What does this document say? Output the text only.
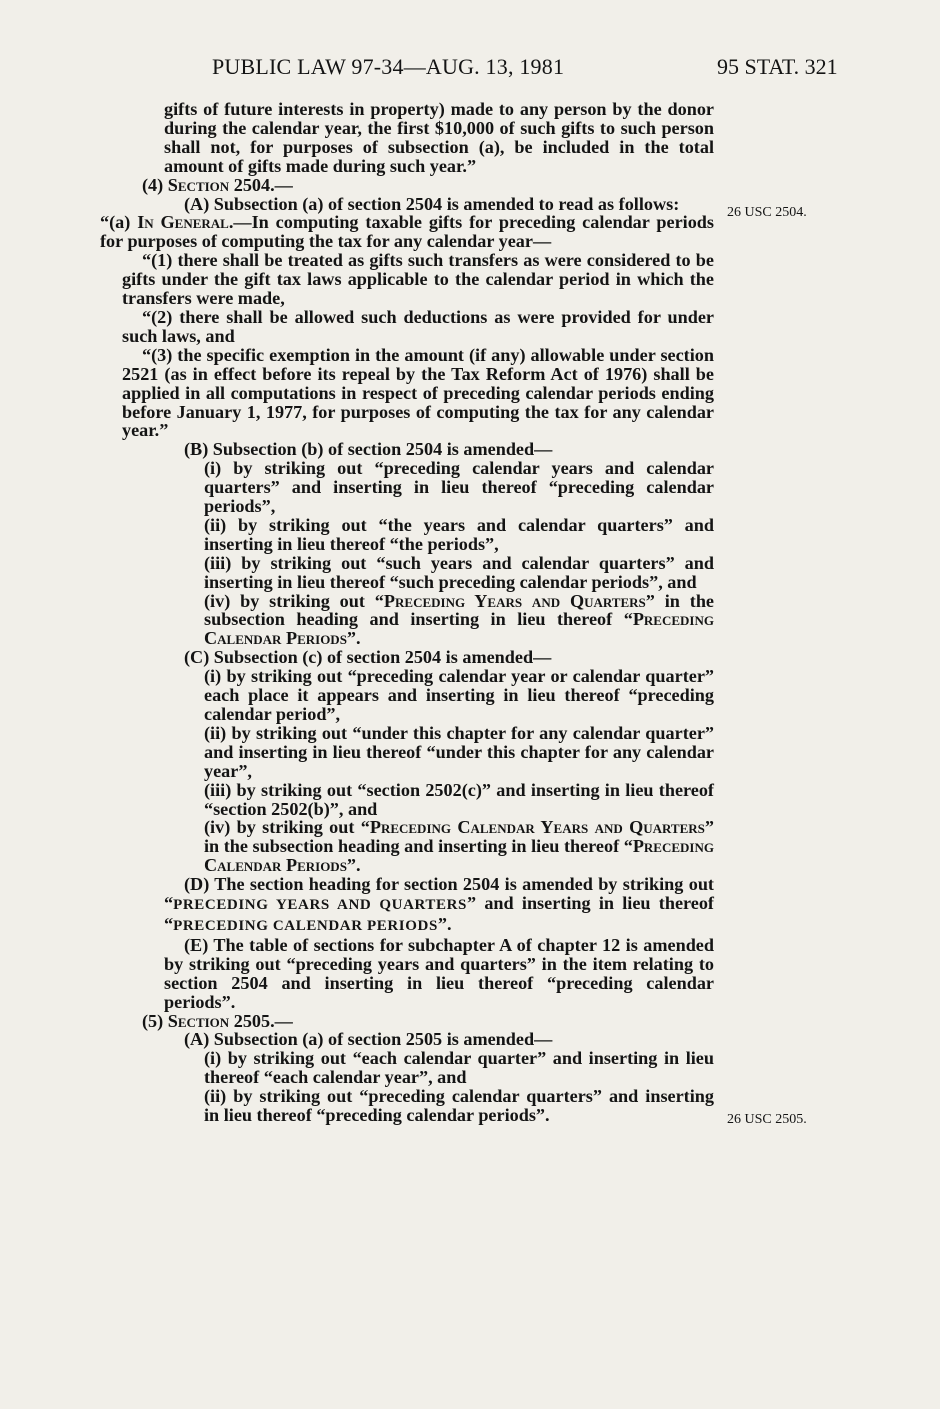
PUBLIC LAW 97-34—AUG. 13, 1981	95 STAT. 321
26 USC 2504.
26 USC 2505.

gifts of future interests in property) made to any person by the donor during the calendar year, the first $10,000 of such gifts to such person shall not, for purposes of subsection (a), be included in the total amount of gifts made during such year.”

(4) Section 2504.—

(A) Subsection (a) of section 2504 is amended to read as follows:

“(a) In General.—In computing taxable gifts for preceding calendar periods for purposes of computing the tax for any calendar year—

“(1) there shall be treated as gifts such transfers as were considered to be gifts under the gift tax laws applicable to the calendar period in which the transfers were made,

“(2) there shall be allowed such deductions as were provided for under such laws, and

“(3) the specific exemption in the amount (if any) allowable under section 2521 (as in effect before its repeal by the Tax Reform Act of 1976) shall be applied in all computations in respect of preceding calendar periods ending before January 1, 1977, for purposes of computing the tax for any calendar year.”

(B) Subsection (b) of section 2504 is amended—

(i) by striking out “preceding calendar years and calendar quarters” and inserting in lieu thereof “preceding calendar periods”,

(ii) by striking out “the years and calendar quarters” and inserting in lieu thereof “the periods”,

(iii) by striking out “such years and calendar quarters” and inserting in lieu thereof “such preceding calendar periods”, and

(iv) by striking out “Preceding Years and Quarters” in the subsection heading and inserting in lieu thereof “Preceding Calendar Periods”.

(C) Subsection (c) of section 2504 is amended—

(i) by striking out “preceding calendar year or calendar quarter” each place it appears and inserting in lieu thereof “preceding calendar period”,

(ii) by striking out “under this chapter for any calendar quarter” and inserting in lieu thereof “under this chapter for any calendar year”,

(iii) by striking out “section 2502(c)” and inserting in lieu thereof “section 2502(b)”, and

(iv) by striking out “Preceding Calendar Years and Quarters” in the subsection heading and inserting in lieu thereof “Preceding Calendar Periods”.

(D) The section heading for section 2504 is amended by striking out “PRECEDING YEARS AND QUARTERS” and inserting in lieu thereof “PRECEDING CALENDAR PERIODS”.

(E) The table of sections for subchapter A of chapter 12 is amended by striking out “preceding years and quarters” in the item relating to section 2504 and inserting in lieu thereof “preceding calendar periods”.

(5) Section 2505.—

(A) Subsection (a) of section 2505 is amended—

(i) by striking out “each calendar quarter” and inserting in lieu thereof “each calendar year”, and

(ii) by striking out “preceding calendar quarters” and inserting in lieu thereof “preceding calendar periods”.
